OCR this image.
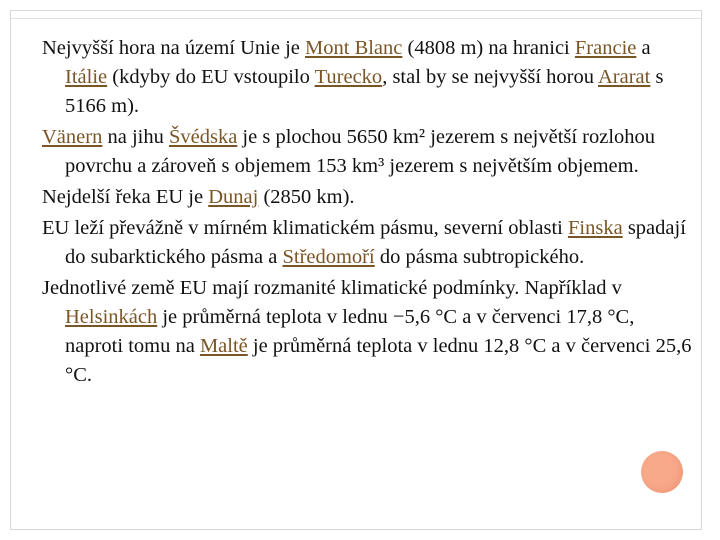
Nejvyšší hora na území Unie je Mont Blanc (4808 m) na hranici Francie a Itálie (kdyby do EU vstoupilo Turecko, stal by se nejvyšší horou Ararat s 5166 m).

Vänern na jihu Švédska je s plochou 5650 km² jezerem s největší rozlohou povrchu a zároveň s objemem 153 km³ jezerem s největším objemem.

Nejdelší řeka EU je Dunaj (2850 km).

EU leží převážně v mírném klimatickém pásmu, severní oblasti Finska spadají do subarktického pásma a Středomoří do pásma subtropického.

Jednotlivé země EU mají rozmanité klimatické podmínky. Například v Helsinkách je průměrná teplota v lednu −5,6 °C a v červenci 17,8 °C, naproti tomu na Maltě je průměrná teplota v lednu 12,8 °C a v červenci 25,6 °C.
